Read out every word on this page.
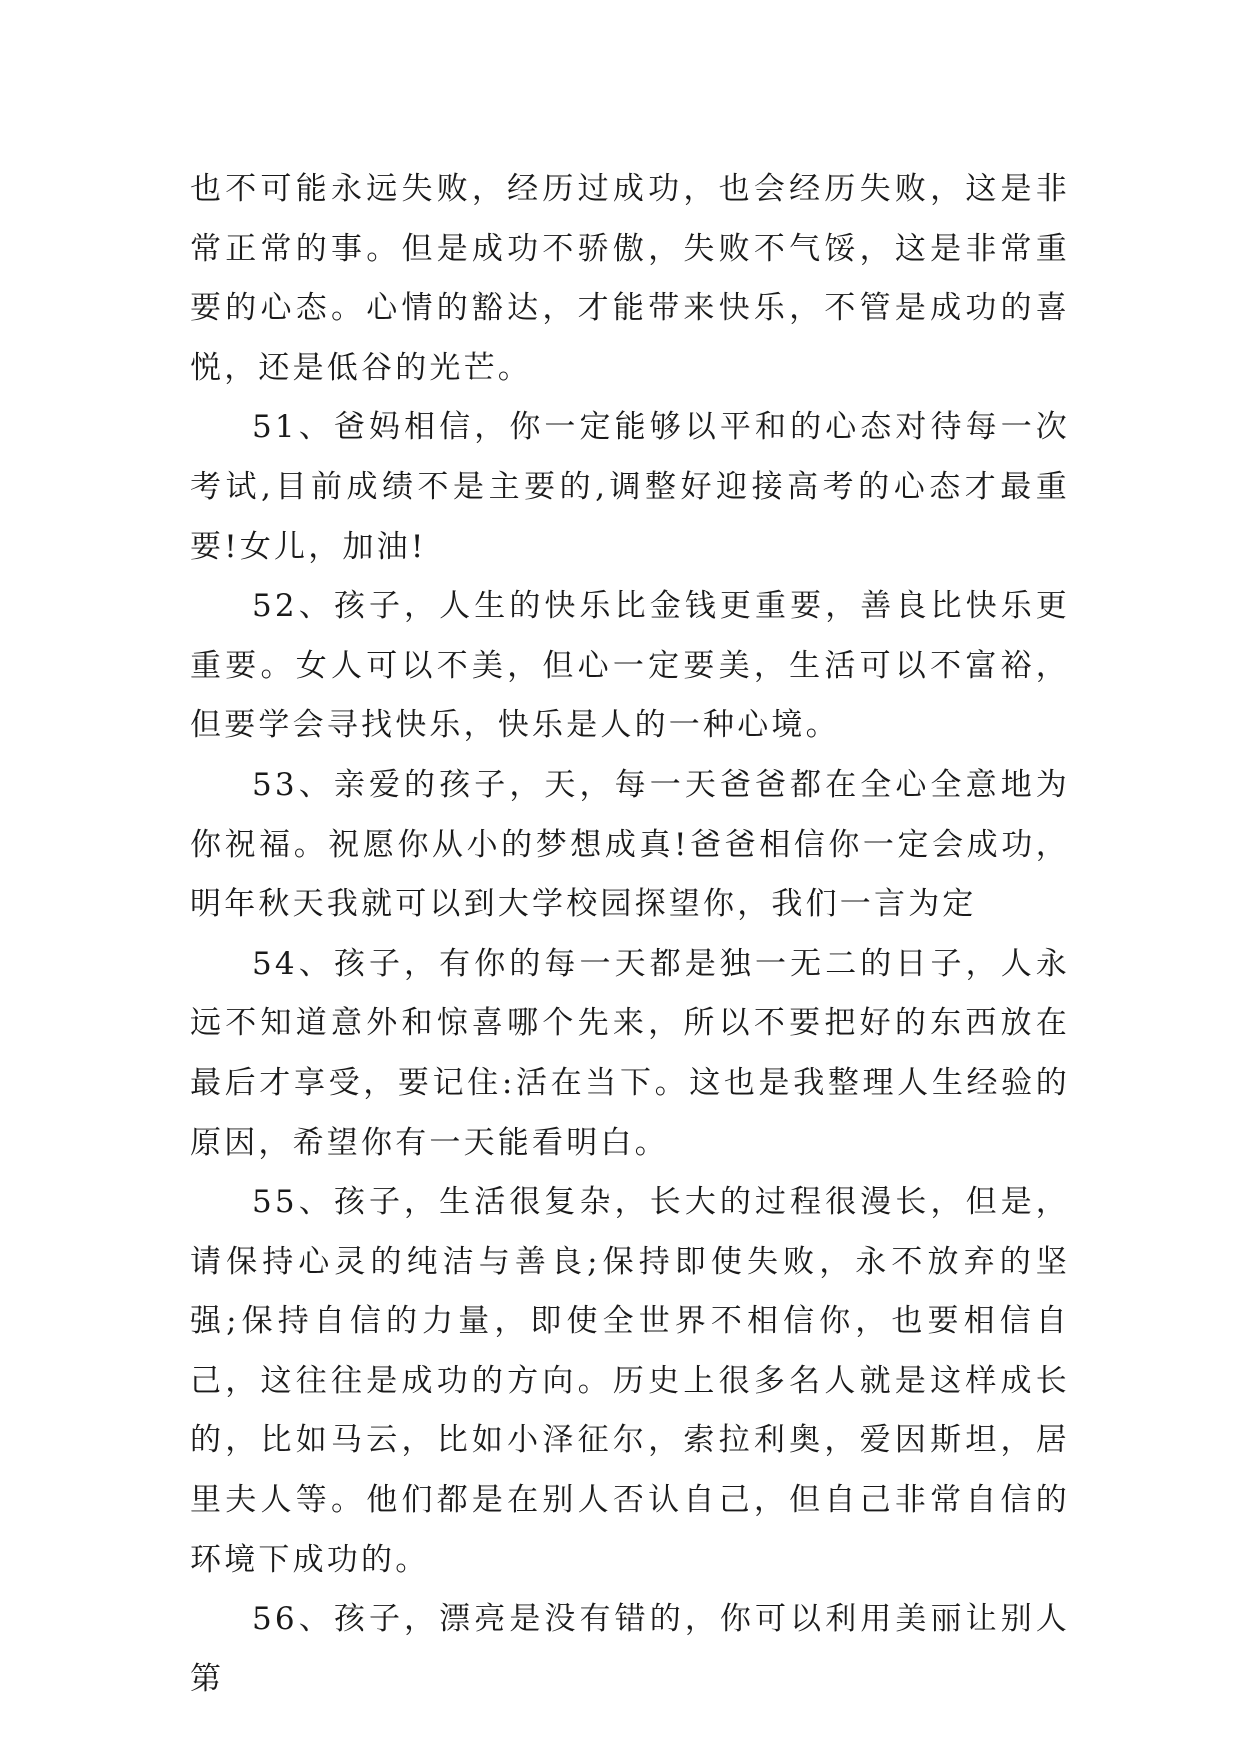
也不可能永远失败，经历过成功，也会经历失败，这是非常正常的事。但是成功不骄傲，失败不气馁，这是非常重要的心态。心情的豁达，才能带来快乐，不管是成功的喜悦，还是低谷的光芒。

51、爸妈相信，你一定能够以平和的心态对待每一次考试,目前成绩不是主要的,调整好迎接高考的心态才最重要!女儿，加油!

52、孩子，人生的快乐比金钱更重要，善良比快乐更重要。女人可以不美，但心一定要美，生活可以不富裕，但要学会寻找快乐，快乐是人的一种心境。

53、亲爱的孩子，天，每一天爸爸都在全心全意地为你祝福。祝愿你从小的梦想成真!爸爸相信你一定会成功，明年秋天我就可以到大学校园探望你，我们一言为定

54、孩子，有你的每一天都是独一无二的日子，人永远不知道意外和惊喜哪个先来，所以不要把好的东西放在最后才享受，要记住:活在当下。这也是我整理人生经验的原因，希望你有一天能看明白。

55、孩子，生活很复杂，长大的过程很漫长，但是，请保持心灵的纯洁与善良;保持即使失败，永不放弃的坚强;保持自信的力量，即使全世界不相信你，也要相信自己，这往往是成功的方向。历史上很多名人就是这样成长的，比如马云，比如小泽征尔，索拉利奥，爱因斯坦，居里夫人等。他们都是在别人否认自己，但自己非常自信的环境下成功的。

56、孩子，漂亮是没有错的，你可以利用美丽让别人第
